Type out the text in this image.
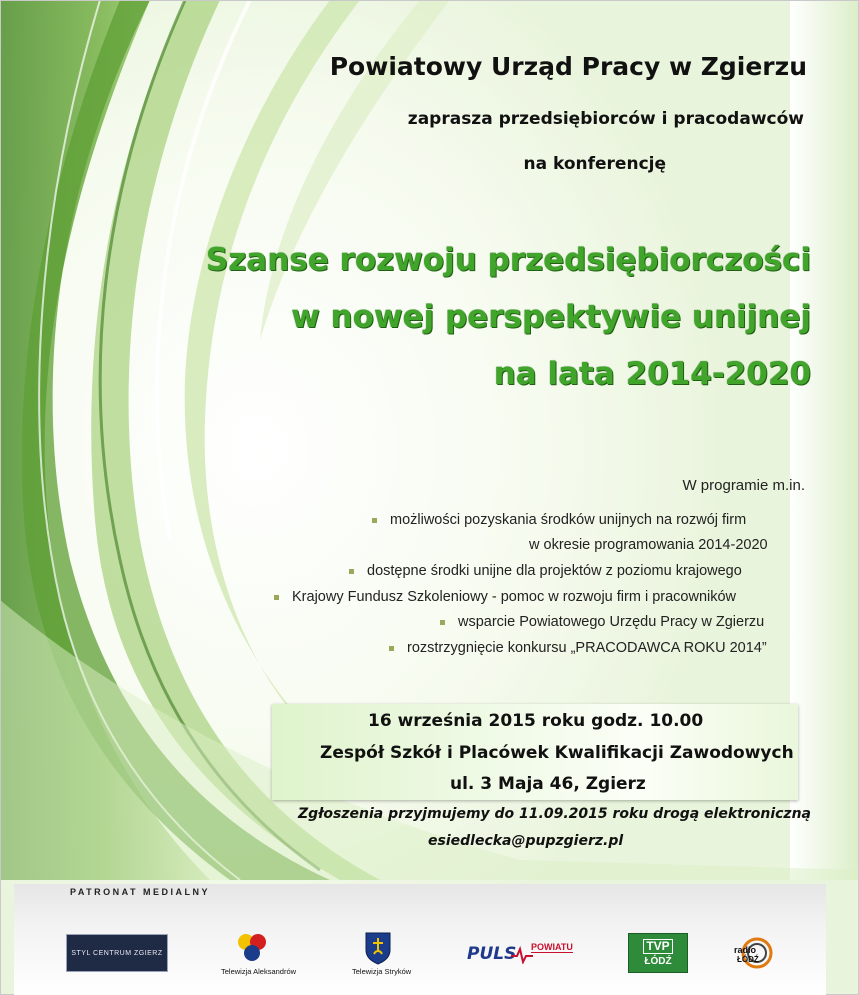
Powiatowy Urząd Pracy w Zgierzu
zaprasza przedsiębiorców i pracodawców
na konferencję
Szanse rozwoju przedsiębiorczości
w nowej perspektywie unijnej
na lata 2014-2020
W programie m.in.
możliwości pozyskania środków unijnych na rozwój firm
w okresie programowania 2014-2020
dostępne środki unijne dla projektów z poziomu krajowego
Krajowy Fundusz Szkoleniowy - pomoc w rozwoju firm i pracowników
wsparcie Powiatowego Urzędu Pracy w Zgierzu
rozstrzygnięcie konkursu „PRACODAWCA ROKU 2014”
16 września 2015 roku godz. 10.00
Zespół Szkół i Placówek Kwalifikacji Zawodowych
ul. 3 Maja 46, Zgierz
Zgłoszenia przyjmujemy do 11.09.2015 roku drogą elektroniczną
esiedlecka@pupzgierz.pl
PATRONAT MEDIALNY
STYL CENTRUM ZGIERZ
Telewizja Aleksandrów	Telewizja Stryków
PULS POWIATU	TVP
ŁÓDŹ
radio
ŁÓDŹ
